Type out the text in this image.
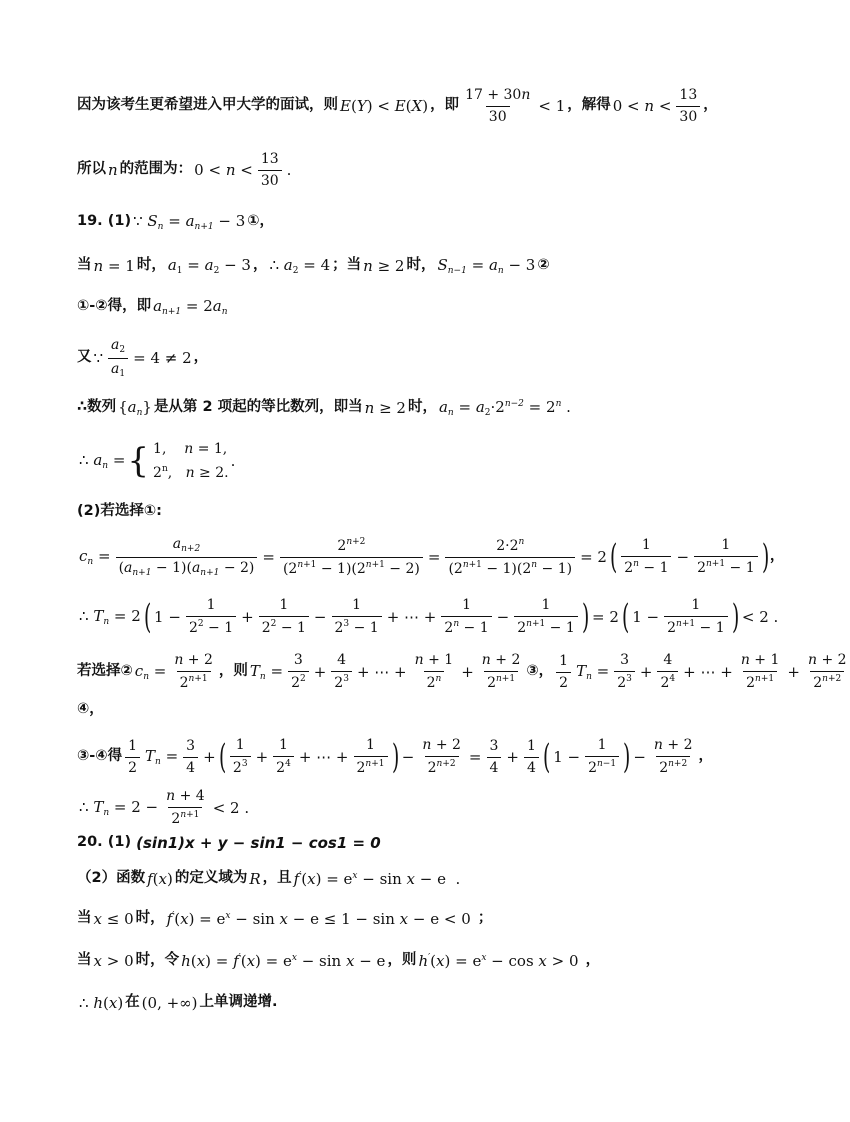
因为该考生更希望进入甲大学的面试，则 E(Y) < E(X) ，即 $\frac{17 + 30n}{30} < 1$ ，解得 $0 < n < \frac{13}{30}$ ，
所以 n 的范围为： $0 < n < \frac{13}{30}$ .
19. (1) ∵ $S_n = a_{n+1} - 3$ ①，
当 n = 1 时， $a_1 = a_2 - 3$ ， ∴ $a_2 = 4$ ；当 n ≥ 2 时， $S_{n-1} = a_n - 3$ ②
①-②得，即 $a_{n+1} = 2a_n$
又 ∵ $\frac{a_2}{a_1} = 4 \ne 2$ ，
∴数列 $\{a_n\}$ 是从第 2 项起的等比数列，即当 n ≥ 2 时， $a_n = a_2\cdot 2^{n-2} = 2^n$ .
∴ $a_n$ = { 1, n = 1,
2$^n$,   n ≥ 2.
.
(2)若选择①:
$c_n = \frac{a_{n+2}}{(a_{n+1} - 1)(a_{n+1} - 2)} = \frac{2^{n+2}}{(2^{n+1} - 1)(2^{n+1} - 2)} = \frac{2\cdot 2^n}{(2^{n+1} - 1)(2^n - 1)} = 2$ ( $\frac{1}{2^n - 1} - \frac{1}{2^{n+1} - 1}$ ) ，
∴ $T_n = 2$ ( $1 - \frac{1}{2^2 - 1} + \frac{1}{2^2 - 1} - \frac{1}{2^3 - 1}$ + ⋯ + $\frac{1}{2^n - 1} - \frac{1}{2^{n+1} - 1}$ ) = 2 ( $1 - \frac{1}{2^{n+1} - 1}$ ) < 2 .
若选择② $c_n = \frac{n + 2}{2^{n+1}}$ ，则 $T_n = \frac{3}{2^2} + \frac{4}{2^3}$ + ⋯ + $\frac{n + 1}{2^n} + \frac{n + 2}{2^{n+1}}$ ③， $\frac{1}{2} T_n = \frac{3}{2^3} + \frac{4}{2^4}$ + ⋯ + $\frac{n + 1}{2^{n+1}} + \frac{n + 2}{2^{n+2}}$
④，
③-④得 $\frac{1}{2} T_n = \frac{3}{4}$ + ( $\frac{1}{2^3} + \frac{1}{2^4}$ + ⋯ + $\frac{1}{2^{n+1}}$ ) − $\frac{n + 2}{2^{n+2}} = \frac{3}{4} + \frac{1}{4}$ ( $1 - \frac{1}{2^{n-1}}$ ) − $\frac{n + 2}{2^{n+2}}$ ，
∴ $T_n = 2 - \frac{n + 4}{2^{n+1}} < 2$ .
20. (1) (sin1)x + y − sin1 − cos1 = 0
（2）函数 f(x) 的定义域为 R ，且 $f'(x) = e^x - \sin x - e$  .
当 x ≤ 0 时， $f'(x) = e^x - \sin x - e \le 1 - \sin x - e < 0$ ；
当 x > 0 时，令 $h(x) = f'(x) = e^x - \sin x - e$ ，则 $h'(x) = e^x - \cos x > 0$ ，
∴ h(x) 在 (0, +∞) 上单调递增.
